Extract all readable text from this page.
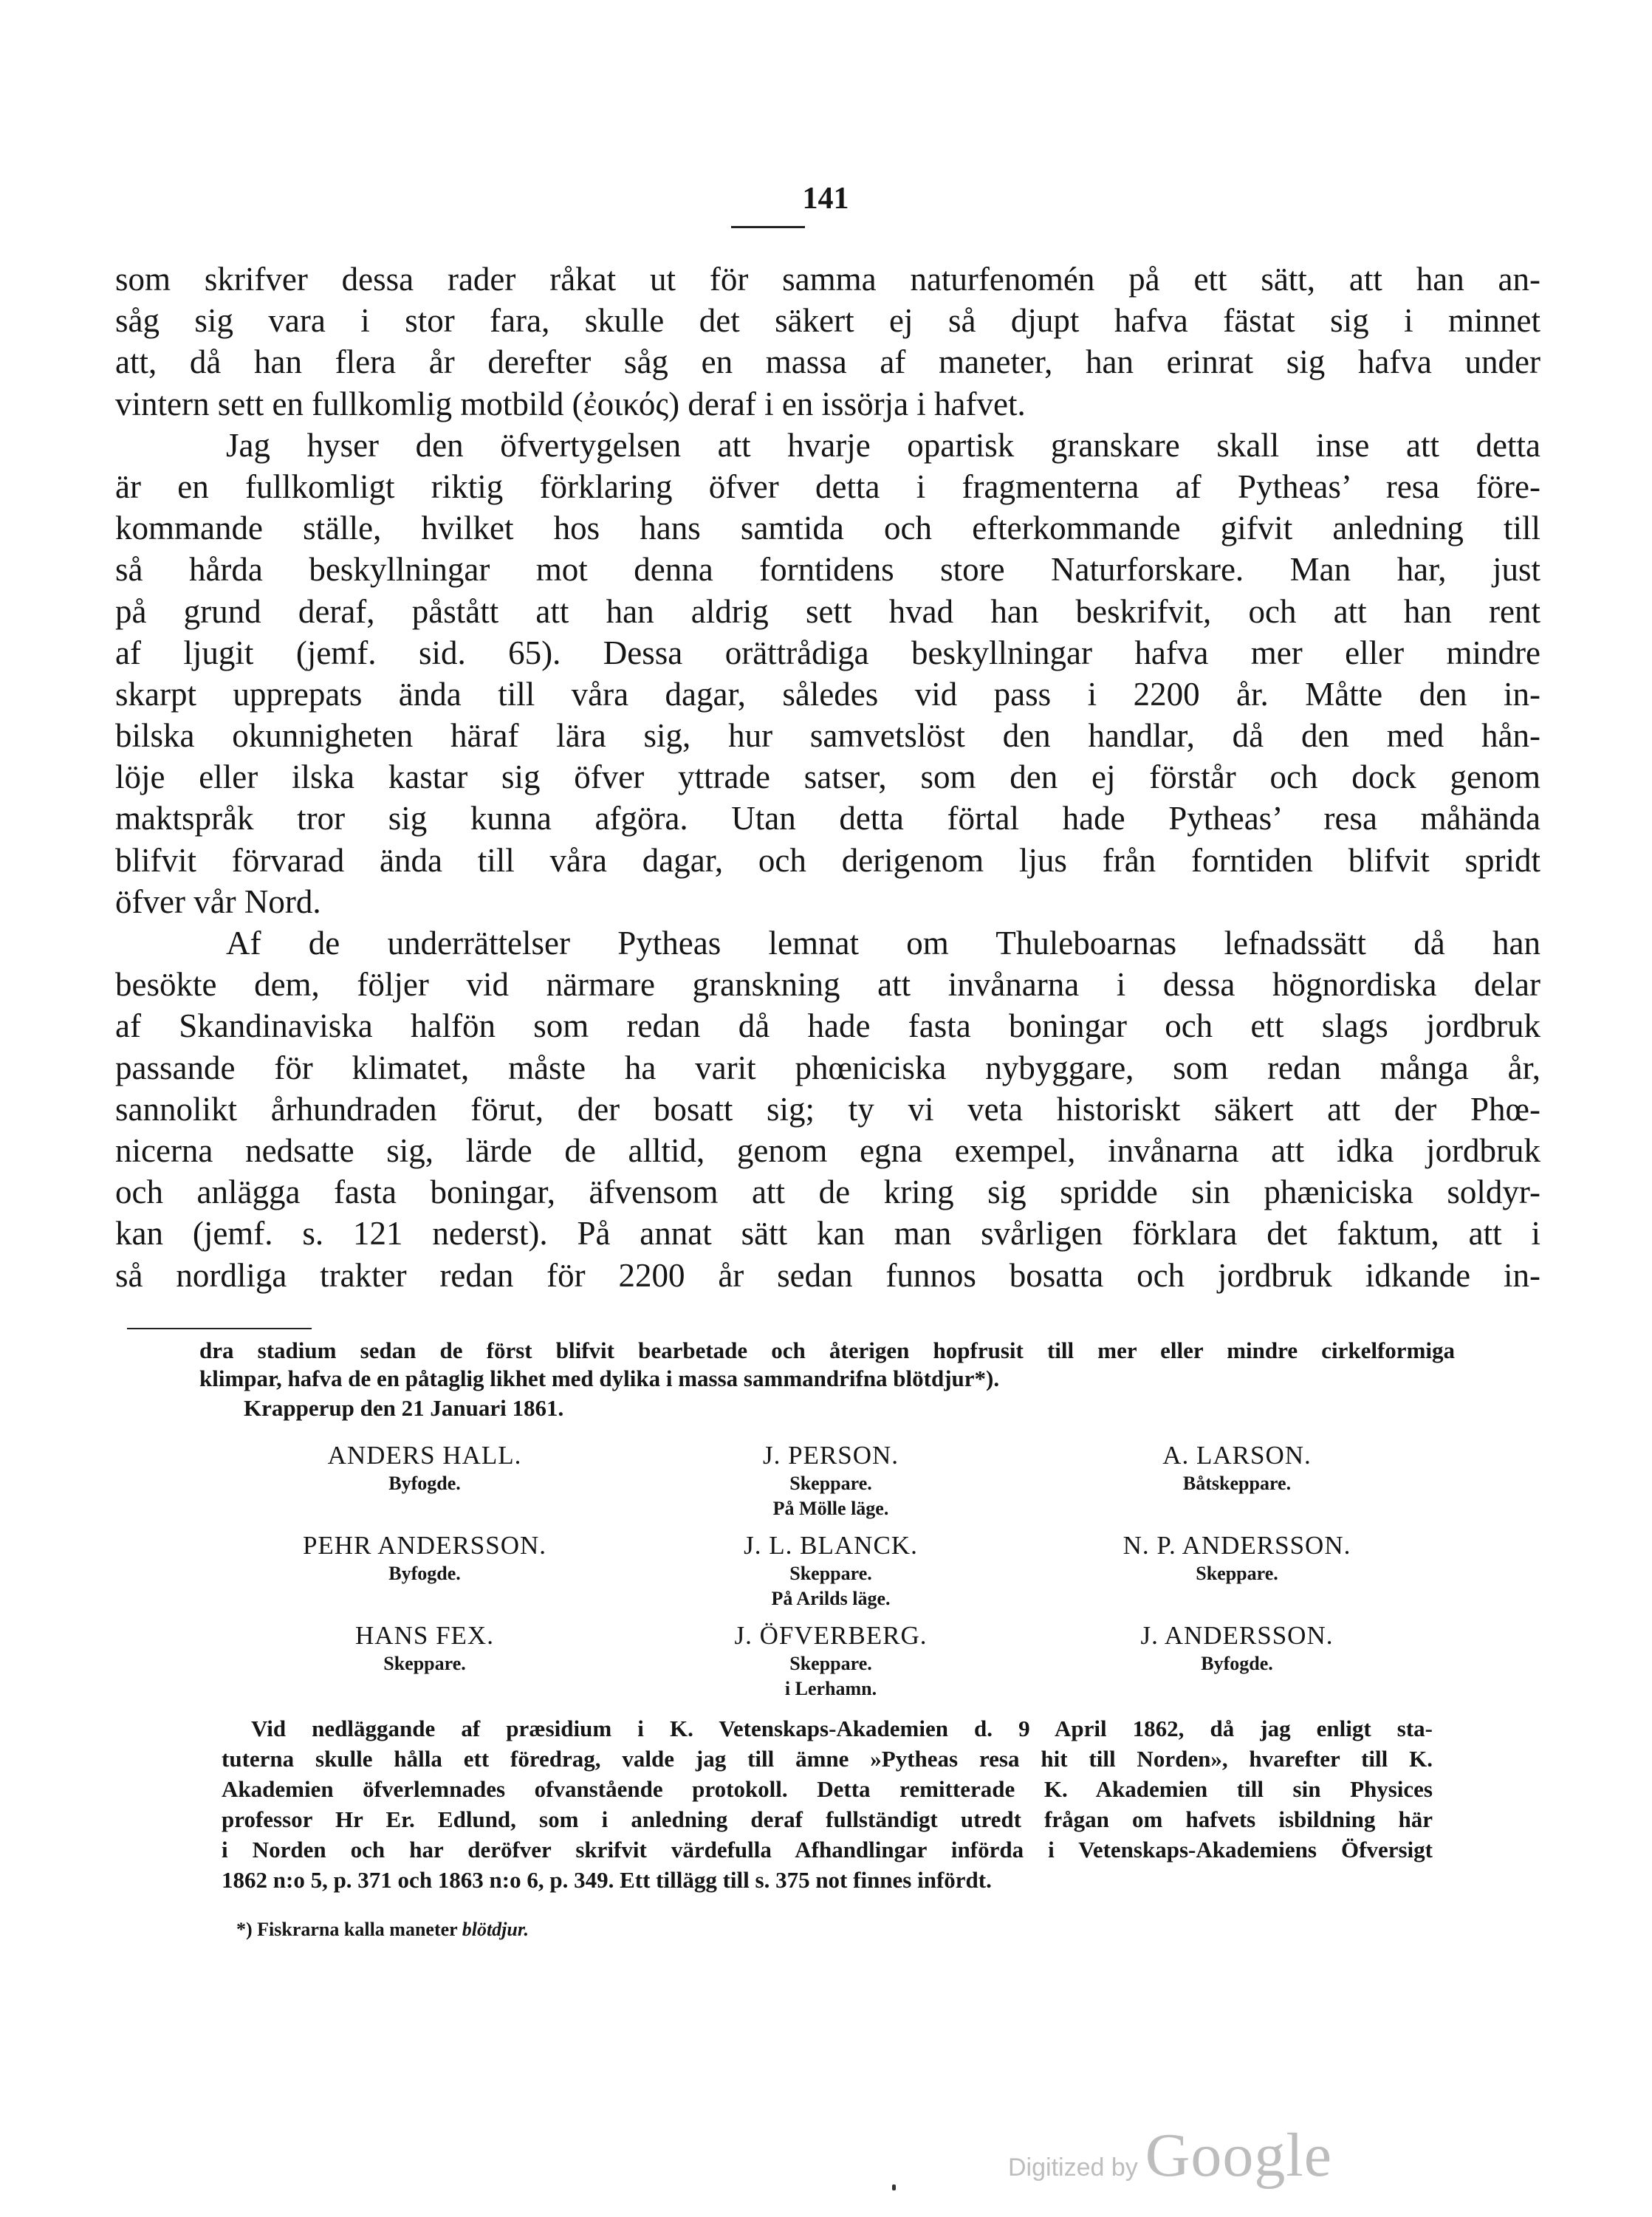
141
som skrifver dessa rader råkat ut för samma naturfenomén på ett sätt, att han an-
såg sig vara i stor fara, skulle det säkert ej så djupt hafva fästat sig i minnet
att, då han flera år derefter såg en massa af maneter, han erinrat sig hafva under
vintern sett en fullkomlig motbild (ἐοικός) deraf i en issörja i hafvet.
Jag hyser den öfvertygelsen att hvarje opartisk granskare skall inse att detta
är en fullkomligt riktig förklaring öfver detta i fragmenterna af Pytheas’ resa före-
kommande ställe, hvilket hos hans samtida och efterkommande gifvit anledning till
så hårda beskyllningar mot denna forntidens store Naturforskare. Man har, just
på grund deraf, påstått att han aldrig sett hvad han beskrifvit, och att han rent
af ljugit (jemf. sid. 65). Dessa orättrådiga beskyllningar hafva mer eller mindre
skarpt upprepats ända till våra dagar, således vid pass i 2200 år. Måtte den in-
bilska okunnigheten häraf lära sig, hur samvetslöst den handlar, då den med hån-
löje eller ilska kastar sig öfver yttrade satser, som den ej förstår och dock genom
maktspråk tror sig kunna afgöra. Utan detta förtal hade Pytheas’ resa måhända
blifvit förvarad ända till våra dagar, och derigenom ljus från forntiden blifvit spridt
öfver vår Nord.
Af de underrättelser Pytheas lemnat om Thuleboarnas lefnadssätt då han
besökte dem, följer vid närmare granskning att invånarna i dessa högnordiska delar
af Skandinaviska halfön som redan då hade fasta boningar och ett slags jordbruk
passande för klimatet, måste ha varit phœniciska nybyggare, som redan många år,
sannolikt århundraden förut, der bosatt sig; ty vi veta historiskt säkert att der Phœ-
nicerna nedsatte sig, lärde de alltid, genom egna exempel, invånarna att idka jordbruk
och anlägga fasta boningar, äfvensom att de kring sig spridde sin phæniciska soldyr-
kan (jemf. s. 121 nederst). På annat sätt kan man svårligen förklara det faktum, att i
så nordliga trakter redan för 2200 år sedan funnos bosatta och jordbruk idkande in-
dra stadium sedan de först blifvit bearbetade och återigen hopfrusit till mer eller mindre cirkelformiga
klimpar, hafva de en påtaglig likhet med dylika i massa sammandrifna blötdjur*).
Krapperup den 21 Januari 1861.
ANDERS HALL.
Byfogde.
J. PERSON.
Skeppare.
På Mölle läge.
A. LARSON.
Båtskeppare.
PEHR ANDERSSON.
Byfogde.
J. L. BLANCK.
Skeppare.
På Arilds läge.
N. P. ANDERSSON.
Skeppare.
HANS FEX.
Skeppare.
J. ÖFVERBERG.
Skeppare.
i Lerhamn.
J. ANDERSSON.
Byfogde.
Vid nedläggande af præsidium i K. Vetenskaps-Akademien d. 9 April 1862, då jag enligt sta-
tuterna skulle hålla ett föredrag, valde jag till ämne »Pytheas resa hit till Norden», hvarefter till K.
Akademien öfverlemnades ofvanstående protokoll. Detta remitterade K. Akademien till sin Physices
professor Hr Er. Edlund, som i anledning deraf fullständigt utredt frågan om hafvets isbildning här
i Norden och har deröfver skrifvit värdefulla Afhandlingar införda i Vetenskaps-Akademiens Öfversigt
1862 n:o 5, p. 371 och 1863 n:o 6, p. 349. Ett tillägg till s. 375 not finnes infördt.
*) Fiskrarna kalla maneter blötdjur.
Digitized by Google
